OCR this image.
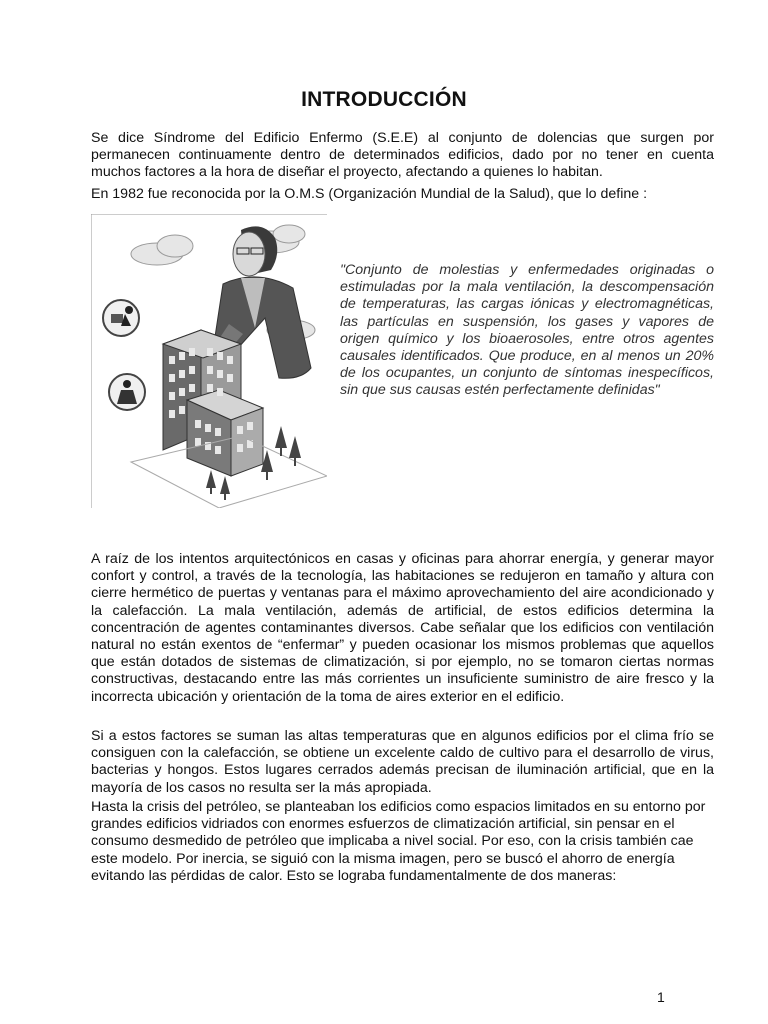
INTRODUCCIÓN

Se dice Síndrome del Edificio Enfermo (S.E.E) al conjunto de dolencias que surgen por permanecen continuamente dentro de determinados edificios, dado por no tener en cuenta muchos factores a la hora de diseñar el proyecto, afectando a quienes lo habitan.

En 1982 fue reconocida por la O.M.S (Organización Mundial de la Salud), que lo define :

"Conjunto de molestias y enfermedades originadas o estimuladas por la mala ventilación, la descompensación de temperaturas, las cargas iónicas y electromagnéticas, las partículas en suspensión, los gases y vapores de origen químico y los bioaerosoles, entre otros agentes causales identificados. Que produce, en al menos un 20% de los ocupantes, un conjunto de síntomas inespecíficos, sin que sus causas estén perfectamente definidas"

A raíz de los intentos arquitectónicos en casas y oficinas para ahorrar energía, y generar mayor confort y control, a través de la tecnología, las habitaciones se redujeron en tamaño y altura con cierre hermético de puertas y ventanas para el máximo aprovechamiento del aire acondicionado y la calefacción. La mala ventilación, además de artificial, de estos edificios determina la concentración de agentes contaminantes diversos. Cabe señalar que los edificios con ventilación natural no están exentos de “enfermar” y pueden ocasionar los mismos problemas que aquellos que están dotados de sistemas de climatización, si por ejemplo, no se tomaron ciertas normas constructivas, destacando entre las más corrientes un insuficiente suministro de aire fresco y la incorrecta ubicación y orientación de la toma de aires exterior en el edificio.

Si a estos factores se suman las altas temperaturas que en algunos edificios por el clima frío se consiguen con la calefacción, se obtiene un excelente caldo de cultivo para el desarrollo de virus, bacterias y hongos. Estos lugares cerrados además precisan de iluminación artificial, que en la mayoría de los casos no resulta ser la más apropiada.

Hasta la crisis del petróleo, se planteaban los edificios como espacios limitados en su entorno por grandes edificios vidriados con enormes esfuerzos de climatización artificial, sin pensar en el consumo desmedido de petróleo que implicaba a nivel social. Por eso, con la crisis también cae este modelo. Por inercia, se siguió con la misma imagen, pero se buscó el ahorro de energía evitando las pérdidas de calor. Esto se lograba fundamentalmente de dos maneras:

1
